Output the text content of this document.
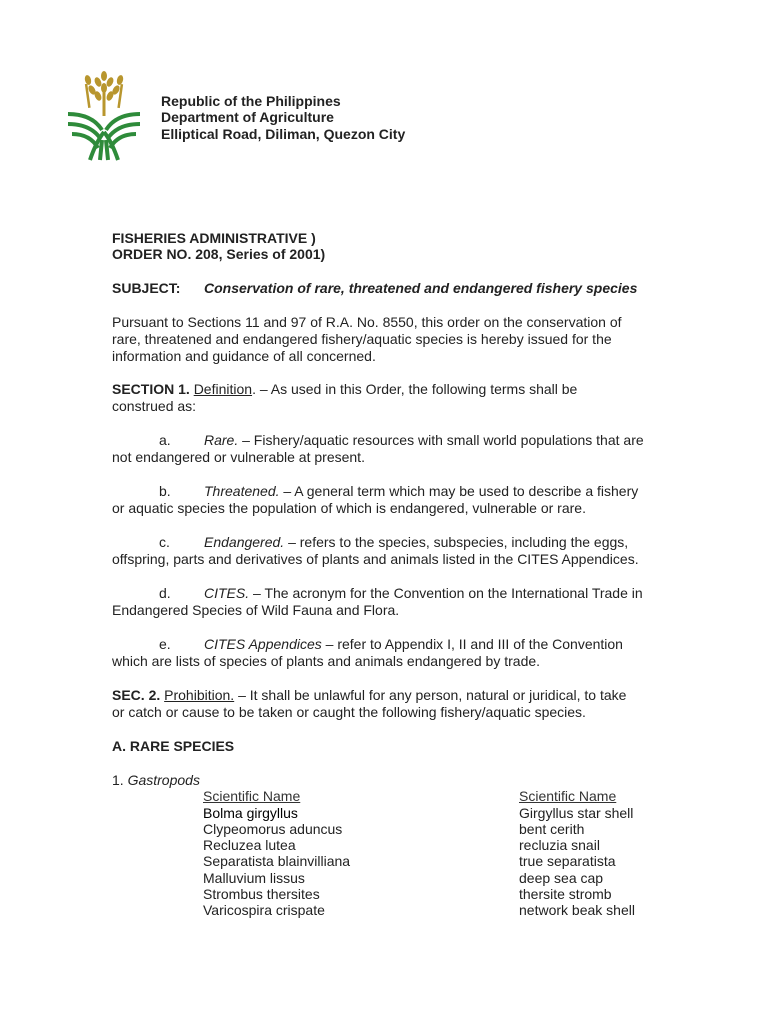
Republic of the Philippines
Department of Agriculture
Elliptical Road, Diliman, Quezon City
FISHERIES ADMINISTRATIVE )
ORDER NO. 208, Series of 2001)
SUBJECT: Conservation of rare, threatened and endangered fishery species
Pursuant to Sections 11 and 97 of R.A. No. 8550, this order on the conservation of rare, threatened and endangered fishery/aquatic species is hereby issued for the information and guidance of all concerned.
SECTION 1. Definition. – As used in this Order, the following terms shall be construed as:
a. Rare. – Fishery/aquatic resources with small world populations that are not endangered or vulnerable at present.
b. Threatened. – A general term which may be used to describe a fishery or aquatic species the population of which is endangered, vulnerable or rare.
c. Endangered. – refers to the species, subspecies, including the eggs, offspring, parts and derivatives of plants and animals listed in the CITES Appendices.
d. CITES. – The acronym for the Convention on the International Trade in Endangered Species of Wild Fauna and Flora.
e. CITES Appendices – refer to Appendix I, II and III of the Convention which are lists of species of plants and animals endangered by trade.
SEC. 2. Prohibition. – It shall be unlawful for any person, natural or juridical, to take or catch or cause to be taken or caught the following fishery/aquatic species.
A. RARE SPECIES
1. Gastropods
Scientific Name	Scientific Name
Bolma girgyllus	Girgyllus star shell
Clypeomorus aduncus	bent cerith
Recluzea lutea	recluzia snail
Separatista blainvilliana	true separatista
Malluvium lissus	deep sea cap
Strombus thersites	thersite stromb
Varicospira crispate	network beak shell
